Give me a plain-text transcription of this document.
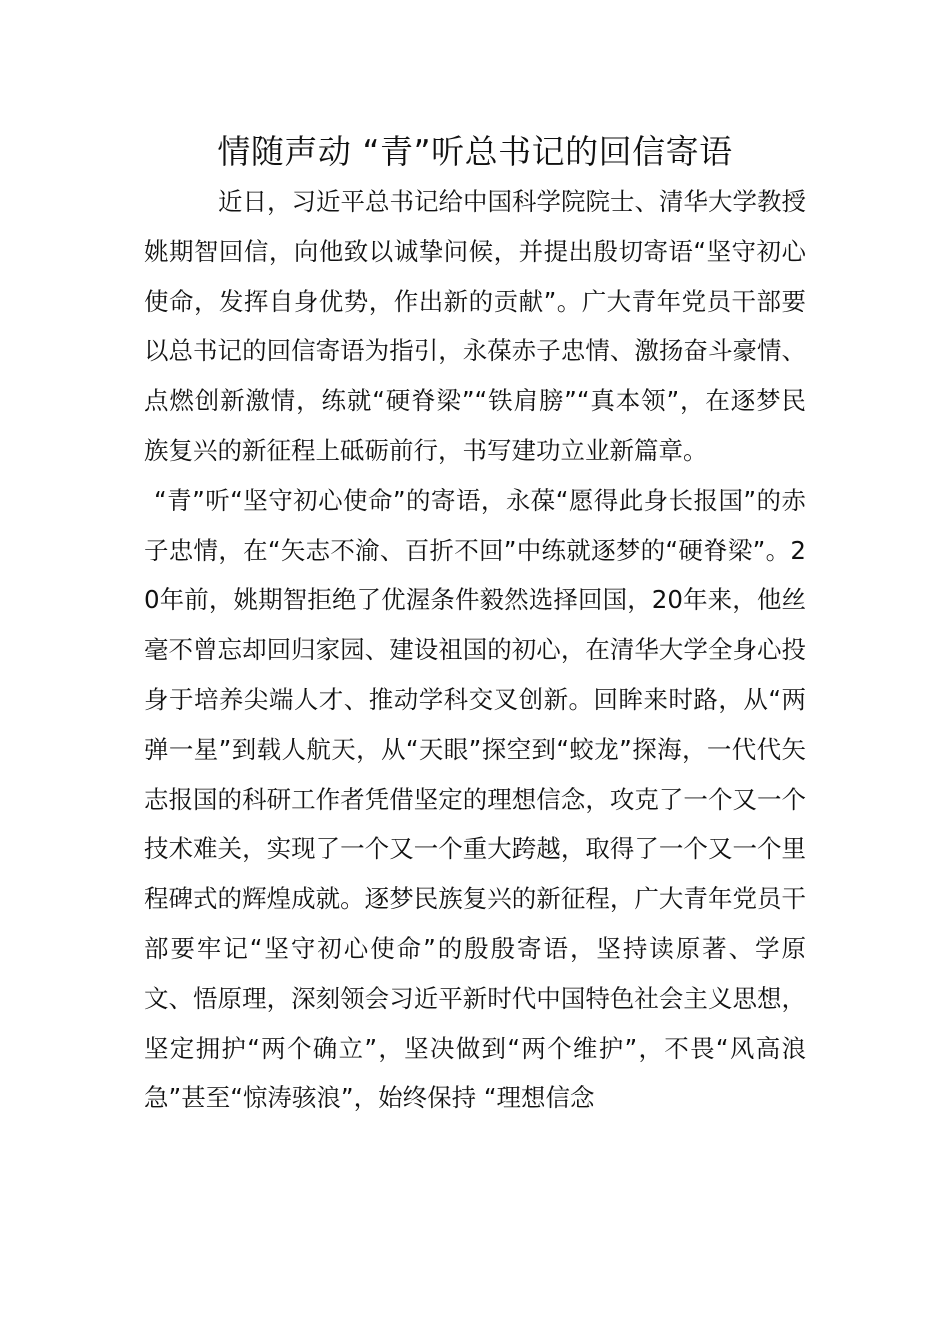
情随声动 “青”听总书记的回信寄语

近日，习近平总书记给中国科学院院士、清华大学教授姚期智回信，向他致以诚挚问候，并提出殷切寄语“坚守初心使命，发挥自身优势，作出新的贡献”。广大青年党员干部要以总书记的回信寄语为指引，永葆赤子忠情、激扬奋斗豪情、点燃创新激情，练就“硬脊梁”“铁肩膀”“真本领”，在逐梦民族复兴的新征程上砥砺前行，书写建功立业新篇章。

“青”听“坚守初心使命”的寄语，永葆“愿得此身长报国”的赤子忠情，在“矢志不渝、百折不回”中练就逐梦的“硬脊梁”。20年前，姚期智拒绝了优渥条件毅然选择回国，20年来，他丝毫不曾忘却回归家园、建设祖国的初心，在清华大学全身心投身于培养尖端人才、推动学科交叉创新。回眸来时路，从“两弹一星”到载人航天，从“天眼”探空到“蛟龙”探海，一代代矢志报国的科研工作者凭借坚定的理想信念，攻克了一个又一个技术难关，实现了一个又一个重大跨越，取得了一个又一个里程碑式的辉煌成就。逐梦民族复兴的新征程，广大青年党员干部要牢记“坚守初心使命”的殷殷寄语，坚持读原著、学原文、悟原理，深刻领会习近平新时代中国特色社会主义思想，坚定拥护“两个确立”，坚决做到“两个维护”，不畏“风高浪急”甚至“惊涛骇浪”，始终保持 “理想信念
